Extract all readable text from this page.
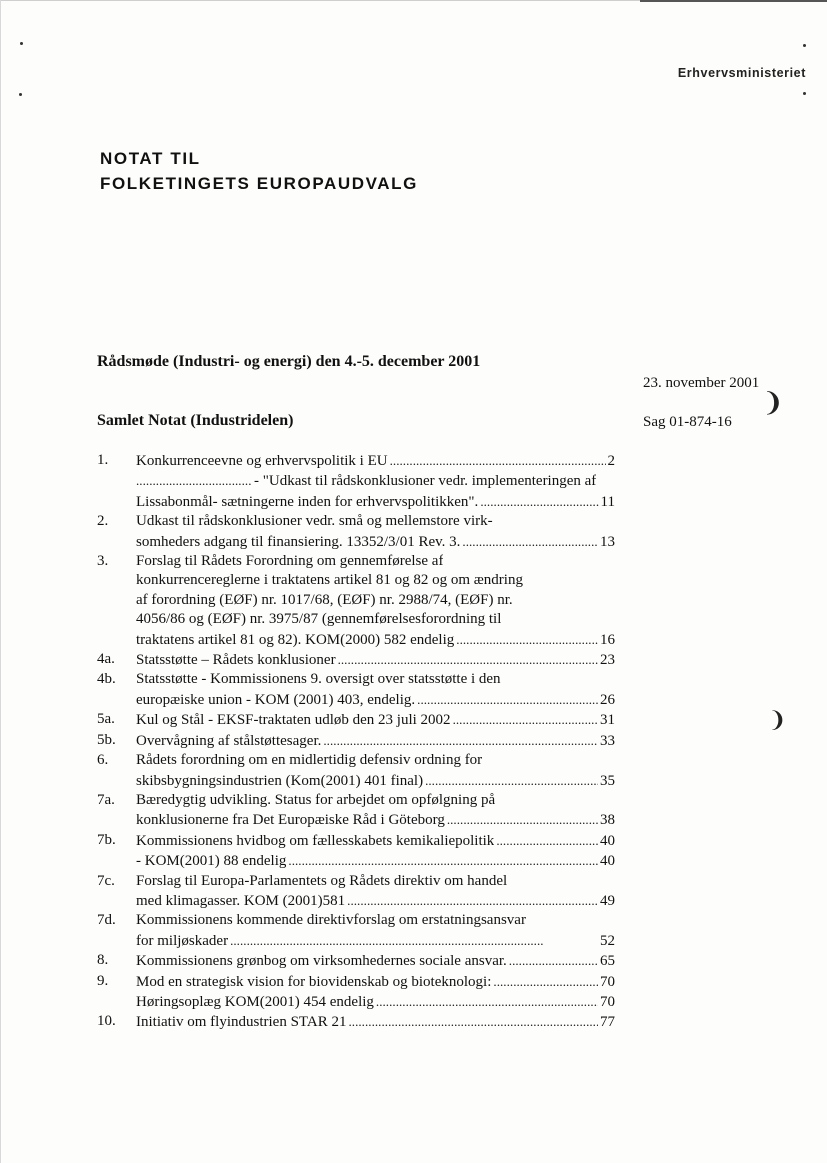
Erhvervsministeriet
NOTAT TIL
FOLKETINGETS EUROPAUDVALG
Rådsmøde (Industri- og energi) den 4.-5. december 2001
23. november 2001
❩
Samlet Notat (Industridelen)	Sag 01-874-16
❩
1.	Konkurrenceevne og erhvervspolitik i EU . . .	2
. . .
- "Udkast til rådskonklusioner vedr. implementeringen af
Lissabonmål- sætningerne inden for erhvervspolitikken". . . .	11
2.	Udkast til rådskonklusioner vedr. små og mellemstore virk-
somheders adgang til finansiering. 13352/3/01 Rev. 3. . . .	13
3.	Forslag til Rådets Forordning om gennemførelse af
konkurrencereglerne i traktatens artikel 81 og 82 og om ændring
af forordning (EØF) nr. 1017/68, (EØF) nr. 2988/74, (EØF) nr.
4056/86 og (EØF) nr. 3975/87 (gennemførelsesforordning til
traktatens artikel 81 og 82). KOM(2000) 582 endelig . . .	16
4a.	Statsstøtte – Rådets konklusioner . . .	23
4b.	Statsstøtte - Kommissionens 9. oversigt over statsstøtte i den
europæiske union - KOM (2001) 403, endelig. . . .	26
5a.	Kul og Stål - EKSF-traktaten udløb den 23 juli 2002 . . .	31
5b.	Overvågning af stålstøttesager. . . .	33
6.	Rådets forordning om en midlertidig defensiv ordning for
skibsbygningsindustrien (Kom(2001) 401 final) . . .	35
7a.	Bæredygtig udvikling. Status for arbejdet om opfølgning på
konklusionerne fra Det Europæiske Råd i Göteborg . . .	38
7b.	Kommissionens hvidbog om fællesskabets kemikaliepolitik . . .	40
- KOM(2001) 88 endelig . . .	40
7c.	Forslag til Europa-Parlamentets og Rådets direktiv om handel
med klimagasser. KOM (2001)581 . . .	49
7d.	Kommissionens kommende direktivforslag om erstatningsansvar
for miljøskader . . .	52
8.	Kommissionens grønbog om virksomhedernes sociale ansvar. . . .	65
9.	Mod en strategisk vision for biovidenskab og bioteknologi: . . .	70
Høringsoplæg KOM(2001) 454 endelig . . .	70
10.	Initiativ om flyindustrien STAR 21 . . .	77
